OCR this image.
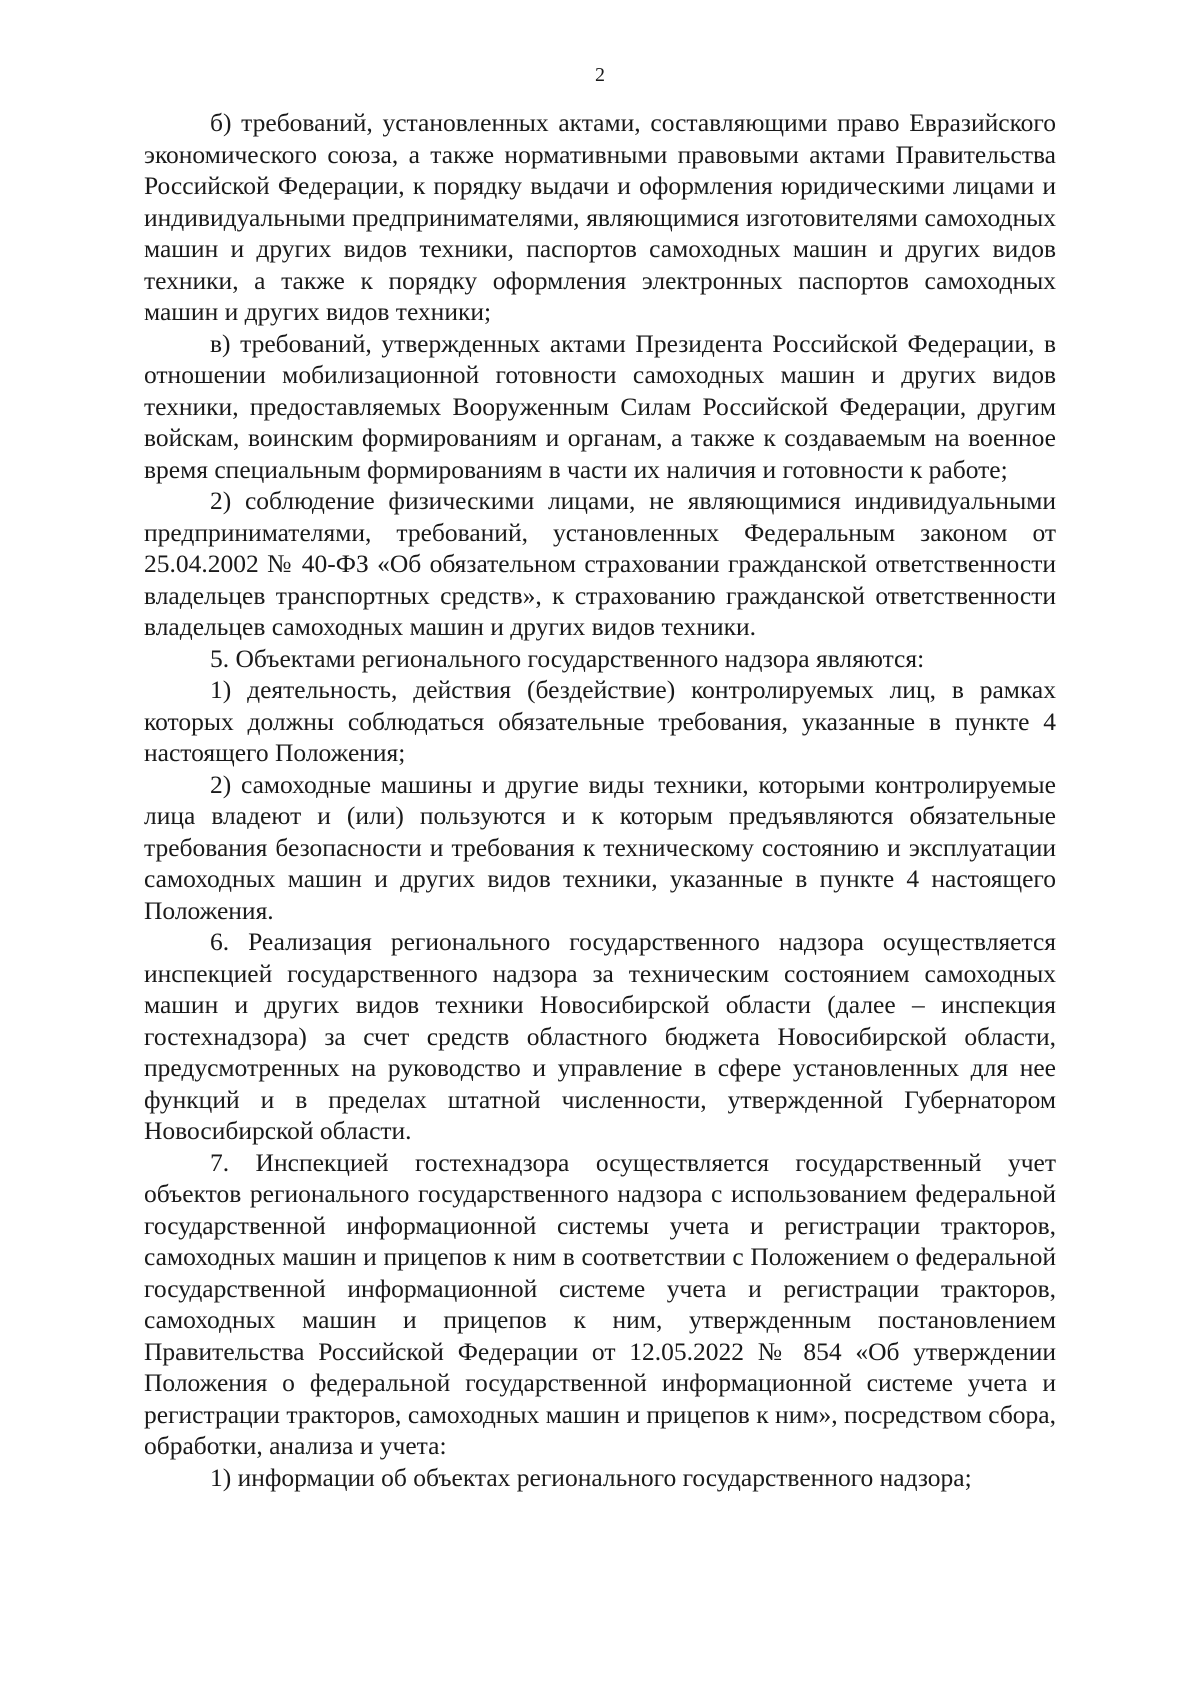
2

б) требований, установленных актами, составляющими право Евразийского экономического союза, а также нормативными правовыми актами Правительства Российской Федерации, к порядку выдачи и оформления юридическими лицами и индивидуальными предпринимателями, являющимися изготовителями самоходных машин и других видов техники, паспортов самоходных машин и других видов техники, а также к порядку оформления электронных паспортов самоходных машин и других видов техники;

в) требований, утвержденных актами Президента Российской Федерации, в отношении мобилизационной готовности самоходных машин и других видов техники, предоставляемых Вооруженным Силам Российской Федерации, другим войскам, воинским формированиям и органам, а также к создаваемым на военное время специальным формированиям в части их наличия и готовности к работе;

2) соблюдение физическими лицами, не являющимися индивидуальными предпринимателями, требований, установленных Федеральным законом от 25.04.2002 № 40-ФЗ «Об обязательном страховании гражданской ответственности владельцев транспортных средств», к страхованию гражданской ответственности владельцев самоходных машин и других видов техники.

5. Объектами регионального государственного надзора являются:

1) деятельность, действия (бездействие) контролируемых лиц, в рамках которых должны соблюдаться обязательные требования, указанные в пункте 4 настоящего Положения;

2) самоходные машины и другие виды техники, которыми контролируемые лица владеют и (или) пользуются и к которым предъявляются обязательные требования безопасности и требования к техническому состоянию и эксплуатации самоходных машин и других видов техники, указанные в пункте 4 настоящего Положения.

6. Реализация регионального государственного надзора осуществляется инспекцией государственного надзора за техническим состоянием самоходных машин и других видов техники Новосибирской области (далее – инспекция гостехнадзора) за счет средств областного бюджета Новосибирской области, предусмотренных на руководство и управление в сфере установленных для нее функций и в пределах штатной численности, утвержденной Губернатором Новосибирской области.

7. Инспекцией гостехнадзора осуществляется государственный учет объектов регионального государственного надзора с использованием федеральной государственной информационной системы учета и регистрации тракторов, самоходных машин и прицепов к ним в соответствии с Положением о федеральной государственной информационной системе учета и регистрации тракторов, самоходных машин и прицепов к ним, утвержденным постановлением Правительства Российской Федерации от 12.05.2022 № 854 «Об утверждении Положения о федеральной государственной информационной системе учета и регистрации тракторов, самоходных машин и прицепов к ним», посредством сбора, обработки, анализа и учета:

1) информации об объектах регионального государственного надзора;
